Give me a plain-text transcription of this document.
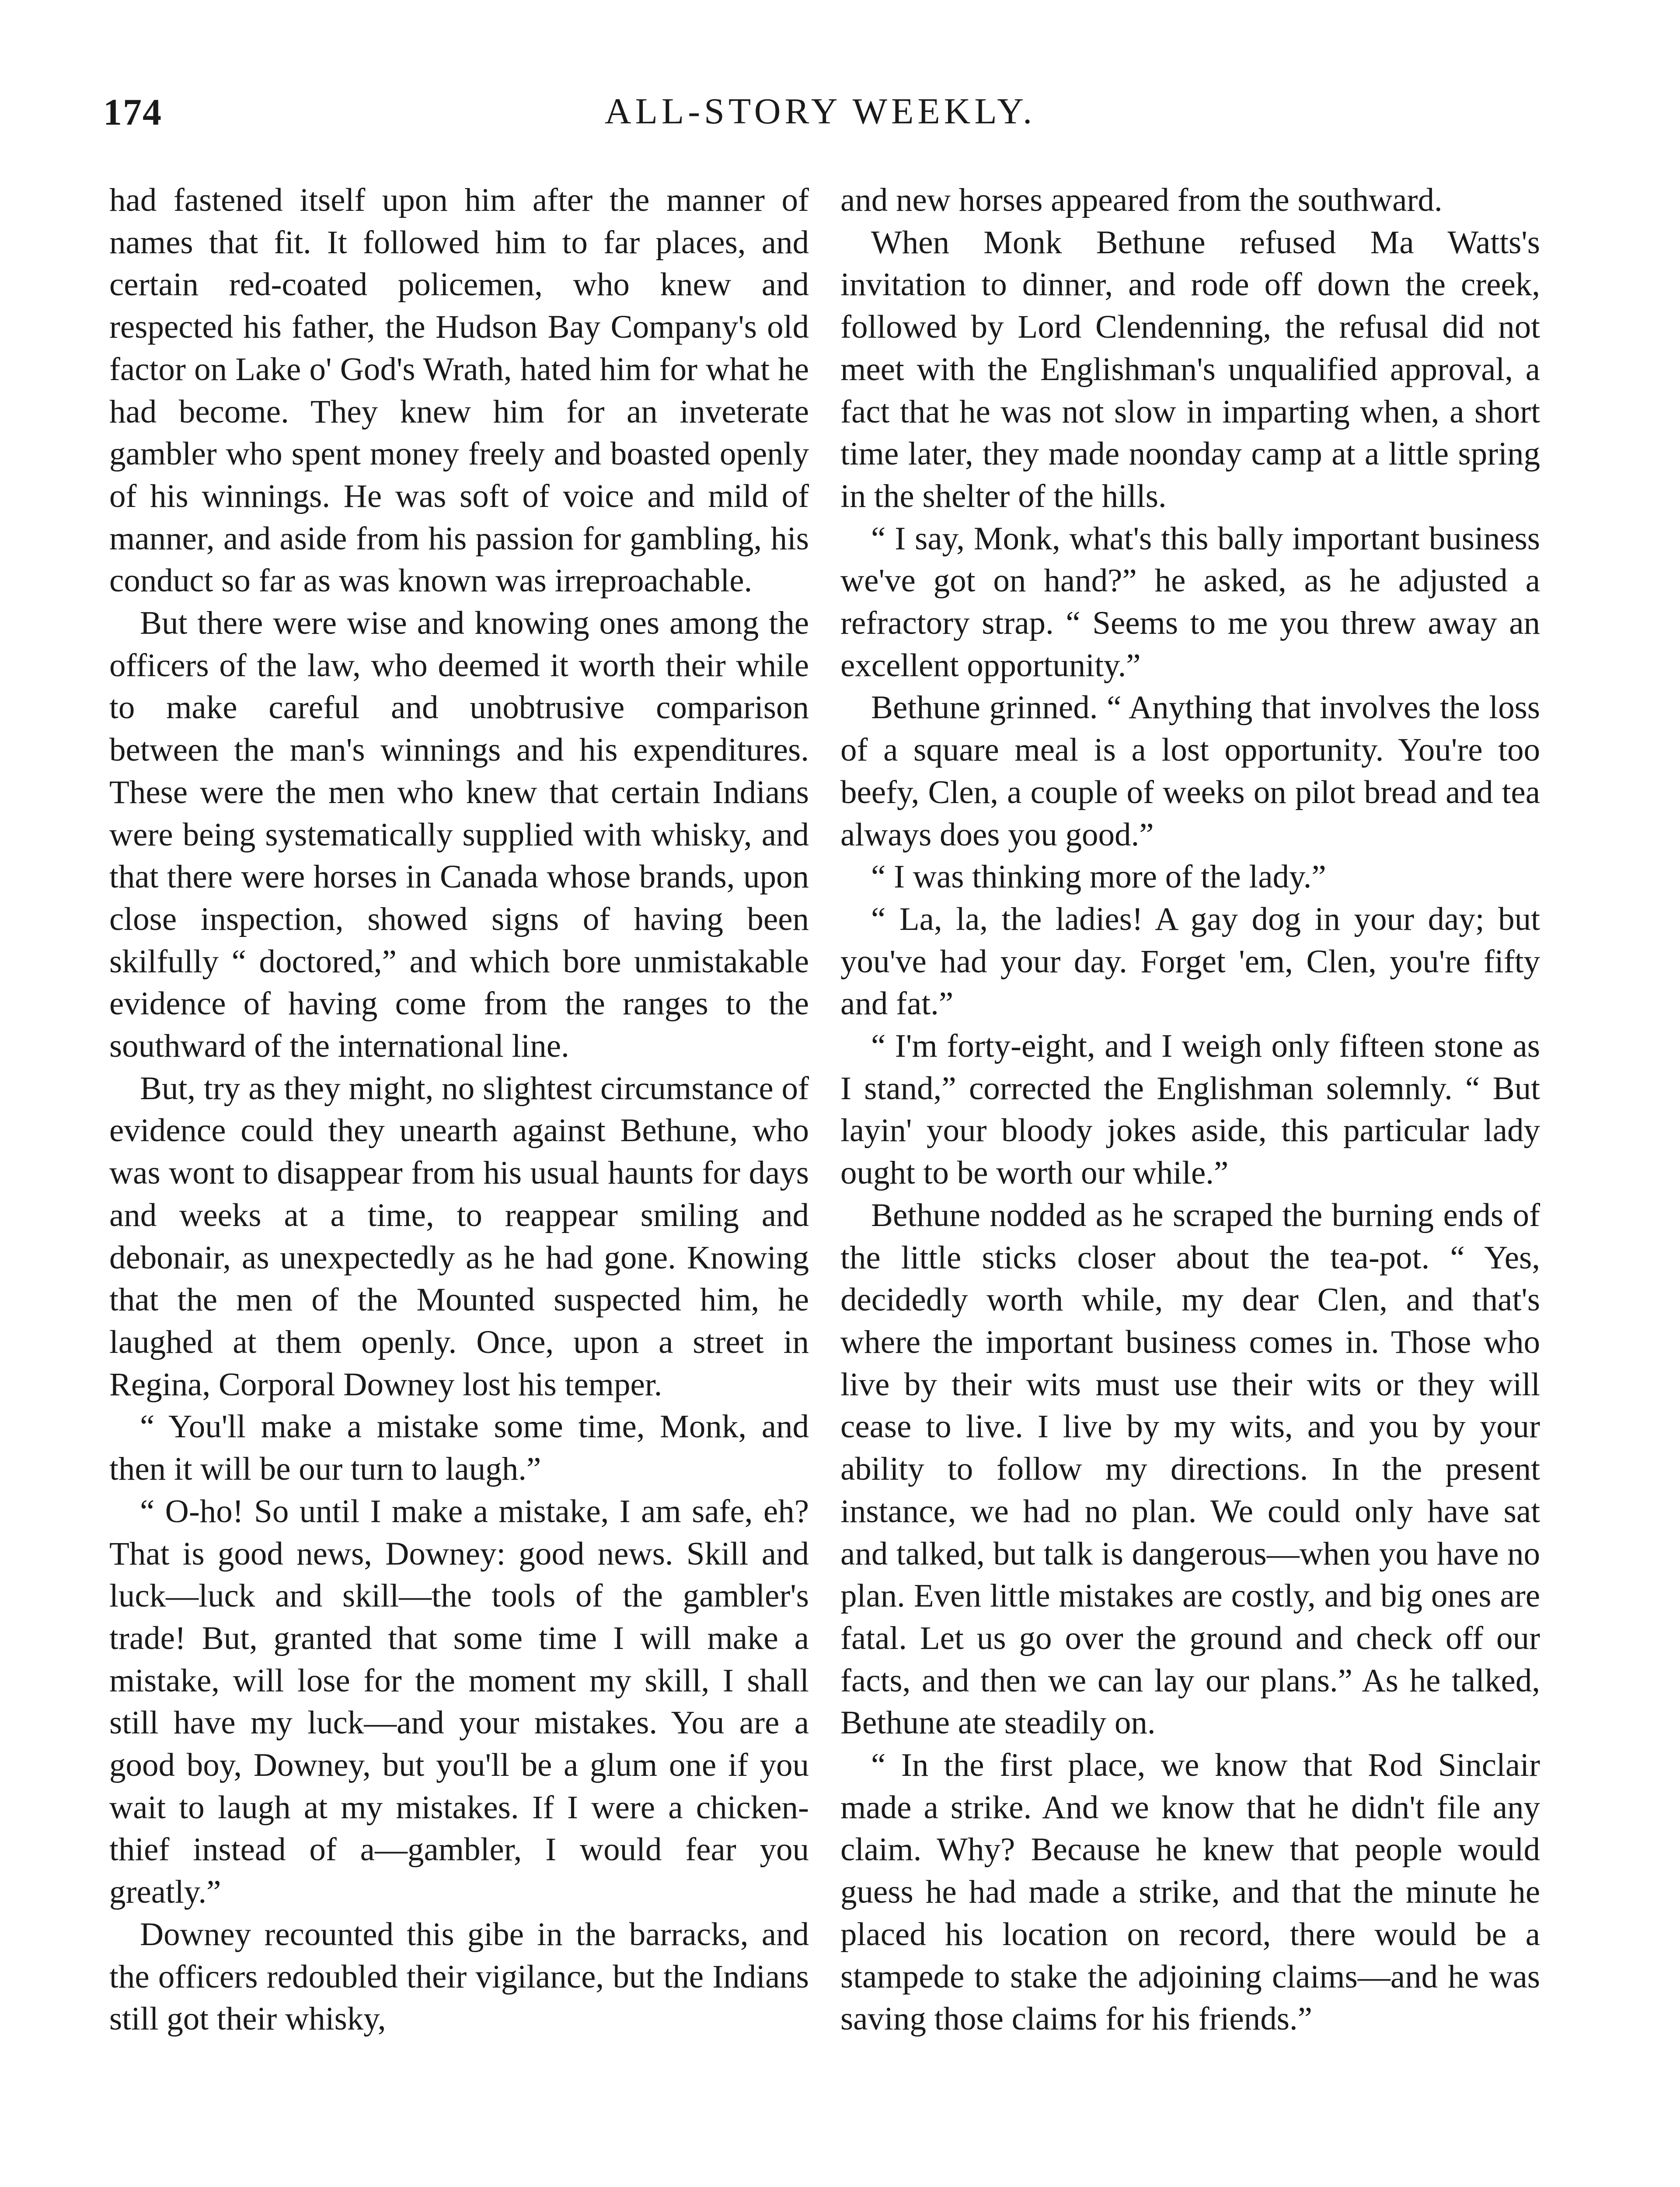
174	ALL-STORY WEEKLY.

had fastened itself upon him after the manner of names that fit. It followed him to far places, and certain red-coated policemen, who knew and respected his father, the Hudson Bay Company's old factor on Lake o' God's Wrath, hated him for what he had become. They knew him for an inveterate gambler who spent money freely and boasted openly of his winnings. He was soft of voice and mild of manner, and aside from his passion for gambling, his conduct so far as was known was irreproachable.

But there were wise and knowing ones among the officers of the law, who deemed it worth their while to make careful and unobtrusive comparison between the man's winnings and his expenditures. These were the men who knew that certain Indians were being systematically supplied with whisky, and that there were horses in Canada whose brands, upon close inspection, showed signs of having been skilfully “ doctored,” and which bore unmistakable evidence of having come from the ranges to the southward of the international line.

But, try as they might, no slightest circumstance of evidence could they unearth against Bethune, who was wont to disappear from his usual haunts for days and weeks at a time, to reappear smiling and debonair, as unexpectedly as he had gone. Knowing that the men of the Mounted suspected him, he laughed at them openly. Once, upon a street in Regina, Corporal Downey lost his temper.

“ You'll make a mistake some time, Monk, and then it will be our turn to laugh.”

“ O-ho! So until I make a mistake, I am safe, eh? That is good news, Downey: good news. Skill and luck—luck and skill—the tools of the gambler's trade! But, granted that some time I will make a mistake, will lose for the moment my skill, I shall still have my luck—and your mistakes. You are a good boy, Downey, but you'll be a glum one if you wait to laugh at my mistakes. If I were a chicken-thief instead of a—gambler, I would fear you greatly.”

Downey recounted this gibe in the barracks, and the officers redoubled their vigilance, but the Indians still got their whisky,

and new horses appeared from the southward.

When Monk Bethune refused Ma Watts's invitation to dinner, and rode off down the creek, followed by Lord Clendenning, the refusal did not meet with the Englishman's unqualified approval, a fact that he was not slow in imparting when, a short time later, they made noonday camp at a little spring in the shelter of the hills.

“ I say, Monk, what's this bally important business we've got on hand?” he asked, as he adjusted a refractory strap. “ Seems to me you threw away an excellent opportunity.”

Bethune grinned. “ Anything that involves the loss of a square meal is a lost opportunity. You're too beefy, Clen, a couple of weeks on pilot bread and tea always does you good.”

“ I was thinking more of the lady.”

“ La, la, the ladies! A gay dog in your day; but you've had your day. Forget 'em, Clen, you're fifty and fat.”

“ I'm forty-eight, and I weigh only fifteen stone as I stand,” corrected the Englishman solemnly. “ But layin' your bloody jokes aside, this particular lady ought to be worth our while.”

Bethune nodded as he scraped the burning ends of the little sticks closer about the tea-pot. “ Yes, decidedly worth while, my dear Clen, and that's where the important business comes in. Those who live by their wits must use their wits or they will cease to live. I live by my wits, and you by your ability to follow my directions. In the present instance, we had no plan. We could only have sat and talked, but talk is dangerous—when you have no plan. Even little mistakes are costly, and big ones are fatal. Let us go over the ground and check off our facts, and then we can lay our plans.” As he talked, Bethune ate steadily on.

“ In the first place, we know that Rod Sinclair made a strike. And we know that he didn't file any claim. Why? Because he knew that people would guess he had made a strike, and that the minute he placed his location on record, there would be a stampede to stake the adjoining claims—and he was saving those claims for his friends.”
